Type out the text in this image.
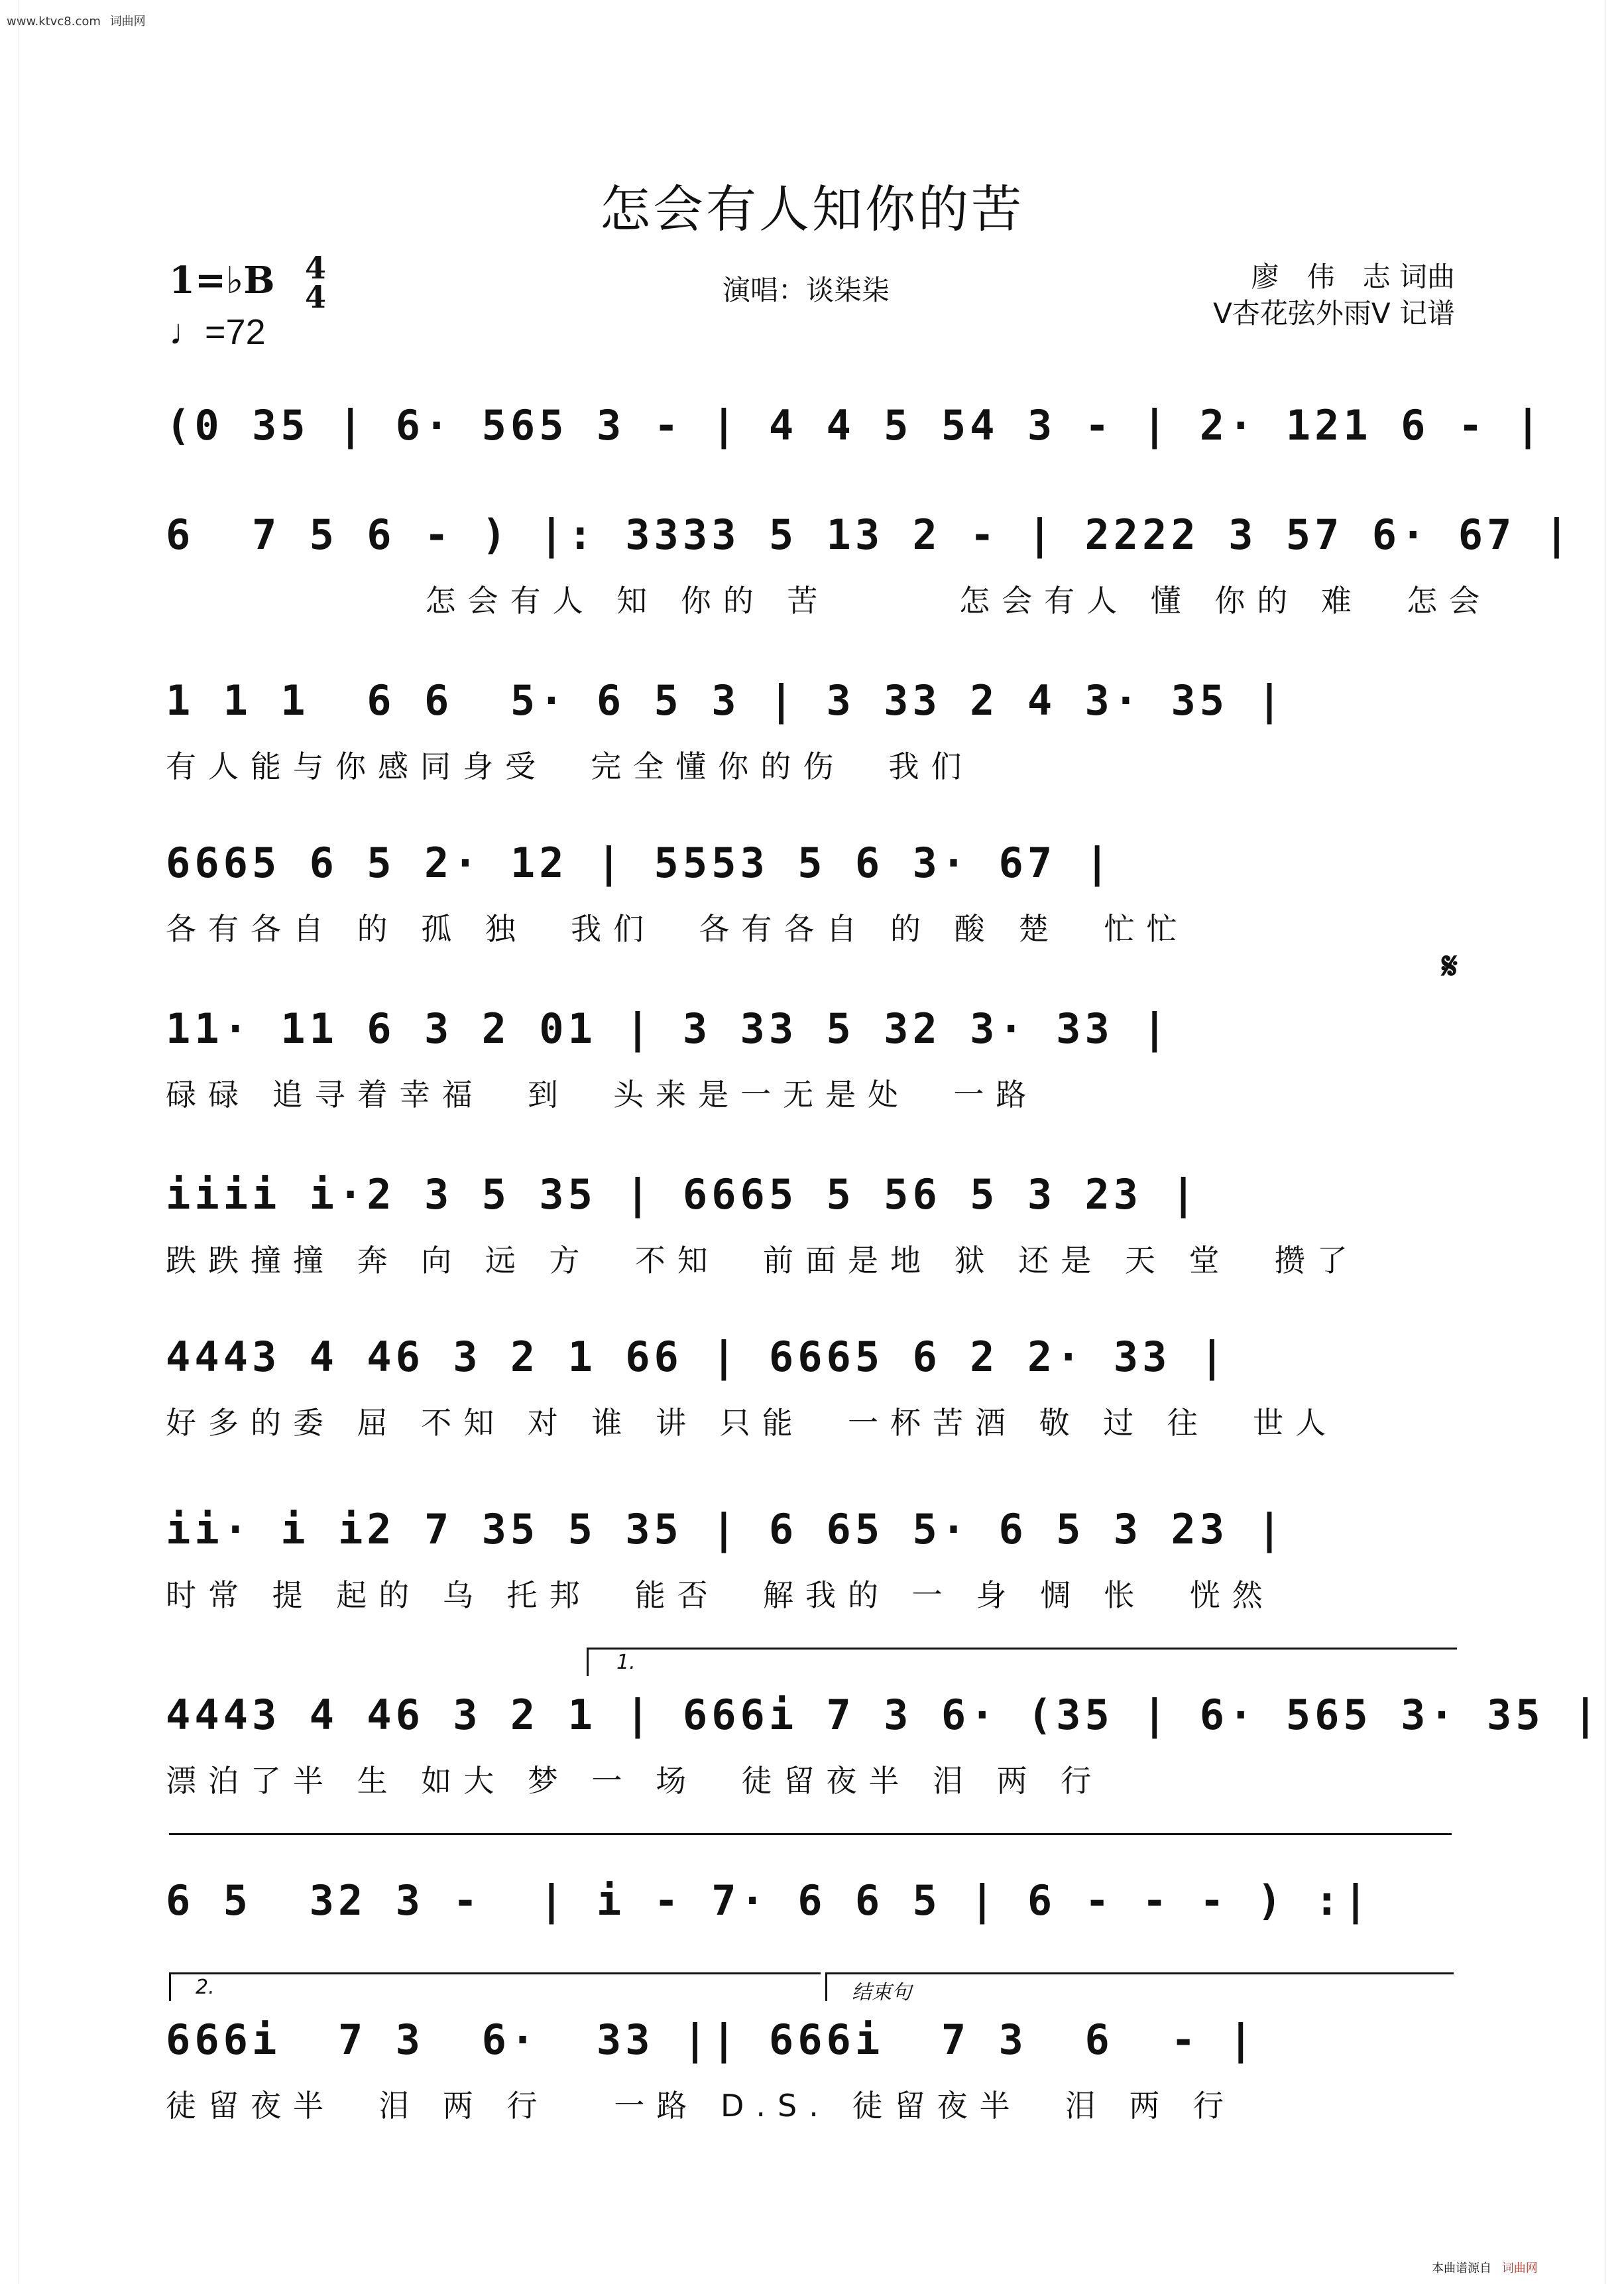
www.ktvc8.com 词曲网
怎会有人知你的苦
1=♭B 4
4
♩=72
演唱：谈柒柒	廖　伟　志 词曲
V杏花弦外雨V 记谱
(0 35 | 6· 565 3 - | 4 4 5 54 3 - | 2· 121 6 - |
6  7 5 6 - ) |: 3333 5 13 2 - | 2222 3 57 6· 67 |
怎会有人 知 你的 苦      怎会有人 懂 你的 难  怎会
1 1 1  6 6  5· 6 5 3 | 3 33 2 4 3· 35 |
有人能与你感同身受  完全懂你的伤  我们
6665 6 5 2· 12 | 5553 5 6 3· 67 |
各有各自 的 孤 独  我们  各有各自 的 酸 楚  忙忙
𝄋
11· 11 6 3 2 01 | 3 33 5 32 3· 33 |
碌碌 追寻着幸福  到  头来是一无是处  一路
iiii i·2 3 5 35 | 6665 5 56 5 3 23 |
跌跌撞撞 奔 向 远 方  不知  前面是地 狱 还是 天 堂  攒了
4443 4 46 3 2 1 66 | 6665 6 2 2· 33 |
好多的委 屈 不知 对 谁 讲 只能  一杯苦酒 敬 过 往  世人
ii· i i2 7 35 5 35 | 6 65 5· 6 5 3 23 |
时常 提 起的 乌 托邦  能否  解我的 一 身 惆 怅  恍然
1.
4443 4 46 3 2 1 | 666i 7 3 6· (35 | 6· 565 3· 35 |
漂泊了半 生 如大 梦 一 场  徒留夜半 泪 两 行
6 5  32 3 -  | i - 7· 6 6 5 | 6 - - - ) :|
2.	结束句
666i  7 3  6·  33 || 666i  7 3  6  - |
徒留夜半  泪 两 行   一路 D.S. 徒留夜半  泪 两 行
本曲谱源自 词曲网
